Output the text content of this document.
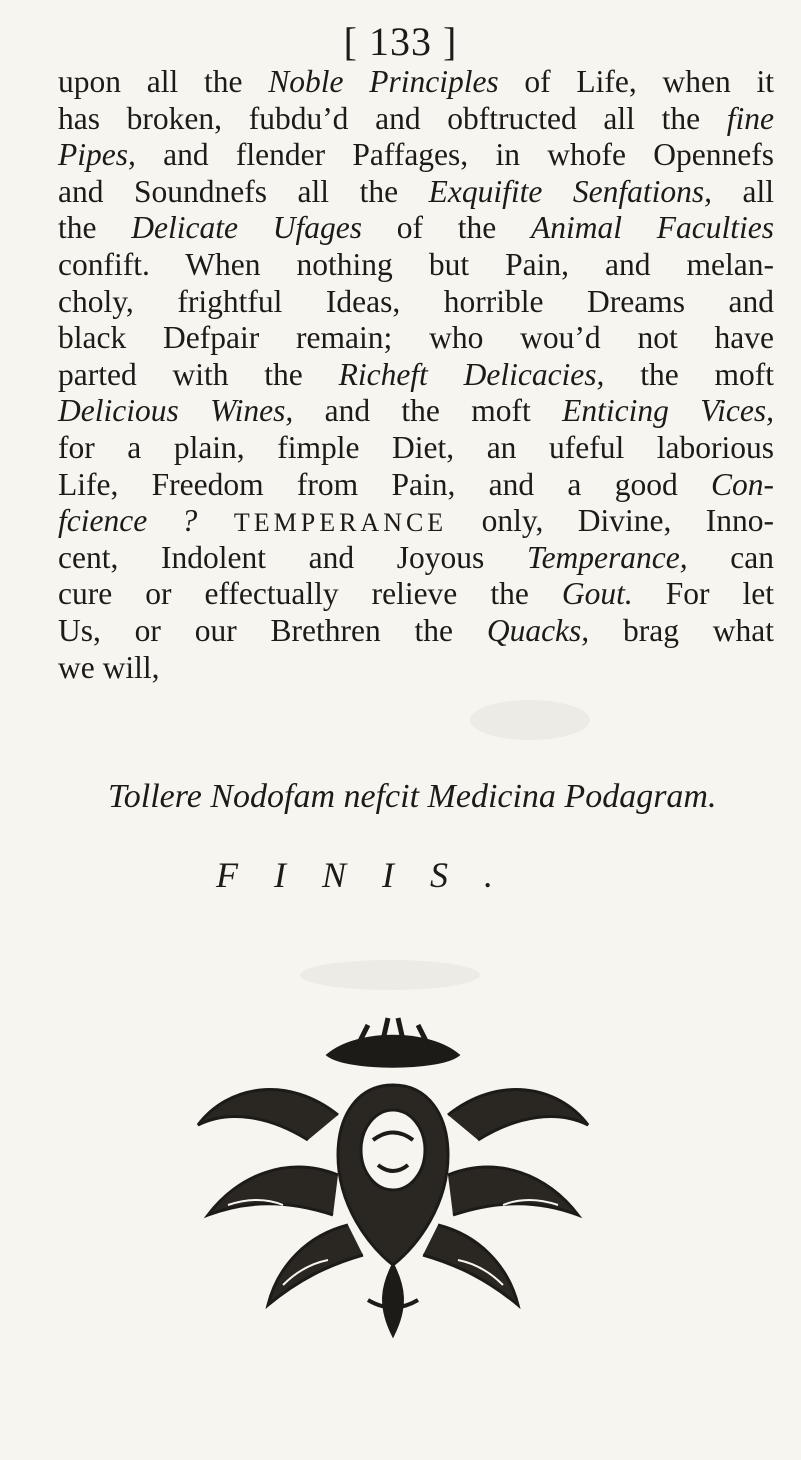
[ 133 ]
upon all the Noble Principles of Life, when it
has broken, fubdu’d and obftructed all the fine
Pipes, and flender Paffages, in whofe Opennefs
and Soundnefs all the Exquifite Senfations, all
the Delicate Ufages of the Animal Faculties
confift. When nothing but Pain, and melan-
choly, frightful Ideas, horrible Dreams and
black Defpair remain; who wou’d not have
parted with the Richeft Delicacies, the moft
Delicious Wines, and the moft Enticing Vices,
for a plain, fimple Diet, an ufeful laborious
Life, Freedom from Pain, and a good Con-
fcience ? TEMPERANCE only, Divine, Inno-
cent, Indolent and Joyous Temperance, can
cure or effectually relieve the Gout. For let
Us, or our Brethren the Quacks, brag what
we will,
Tollere Nodofam nefcit Medicina Podagram.
FINIS.
